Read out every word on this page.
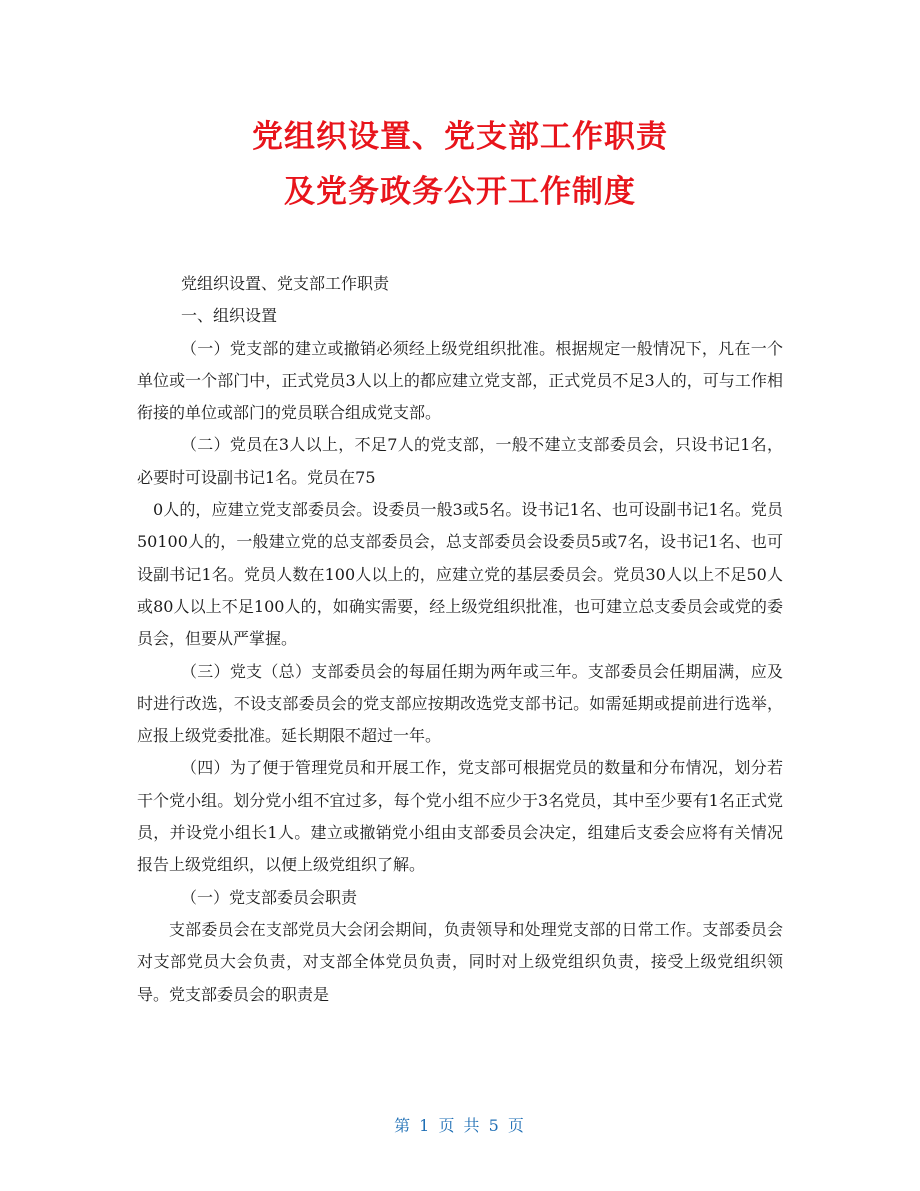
党组织设置、党支部工作职责
及党务政务公开工作制度

党组织设置、党支部工作职责

一、组织设置

（一）党支部的建立或撤销必须经上级党组织批准。根据规定一般情况下，凡在一个单位或一个部门中，正式党员3人以上的都应建立党支部，正式党员不足3人的，可与工作相衔接的单位或部门的党员联合组成党支部。

（二）党员在3人以上，不足7人的党支部，一般不建立支部委员会，只设书记1名，必要时可设副书记1名。党员在75

0人的，应建立党支部委员会。设委员一般3或5名。设书记1名、也可设副书记1名。党员50100人的，一般建立党的总支部委员会，总支部委员会设委员5或7名，设书记1名、也可设副书记1名。党员人数在100人以上的，应建立党的基层委员会。党员30人以上不足50人或80人以上不足100人的，如确实需要，经上级党组织批准，也可建立总支委员会或党的委员会，但要从严掌握。

（三）党支（总）支部委员会的每届任期为两年或三年。支部委员会任期届满，应及时进行改选，不设支部委员会的党支部应按期改选党支部书记。如需延期或提前进行选举，应报上级党委批准。延长期限不超过一年。

（四）为了便于管理党员和开展工作，党支部可根据党员的数量和分布情况，划分若干个党小组。划分党小组不宜过多，每个党小组不应少于3名党员，其中至少要有1名正式党员，并设党小组长1人。建立或撤销党小组由支部委员会决定，组建后支委会应将有关情况报告上级党组织，以便上级党组织了解。

（一）党支部委员会职责

支部委员会在支部党员大会闭会期间，负责领导和处理党支部的日常工作。支部委员会对支部党员大会负责，对支部全体党员负责，同时对上级党组织负责，接受上级党组织领导。党支部委员会的职责是

第 1 页 共 5 页
